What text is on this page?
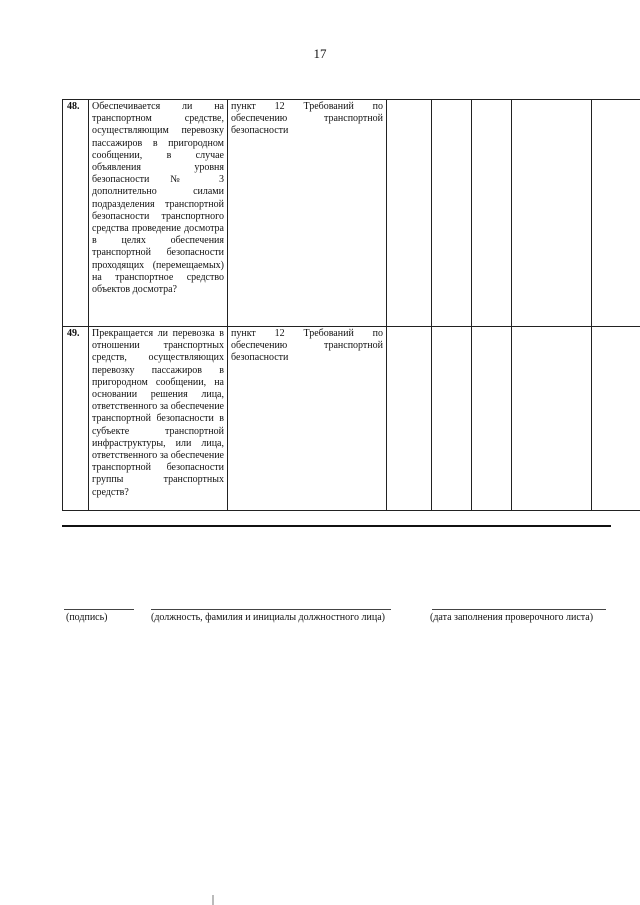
17
48.	Обеспечивается ли на транспортном средстве, осуществляющим перевозку пассажиров в пригородном сообщении, в случае объявления уровня безопасности № 3 дополнительно силами подразделения транспортной безопасности транспортного средства проведение досмотра в целях обеспечения транспортной безопасности проходящих (перемещаемых) на транспортное средство объектов досмотра?	пункт 12 Требований по обеспечению транспортной безопасности					
49.	Прекращается ли перевозка в отношении транспортных средств, осуществляющих перевозку пассажиров в пригородном сообщении, на основании решения лица, ответственного за обеспечение транспортной безопасности в субъекте транспортной инфраструктуры, или лица, ответственного за обеспечение транспортной безопасности группы транспортных средств?	пункт 12 Требований по обеспечению транспортной безопасности					
(подпись)	(должность, фамилия и инициалы должностного лица)	(дата заполнения проверочного листа)
